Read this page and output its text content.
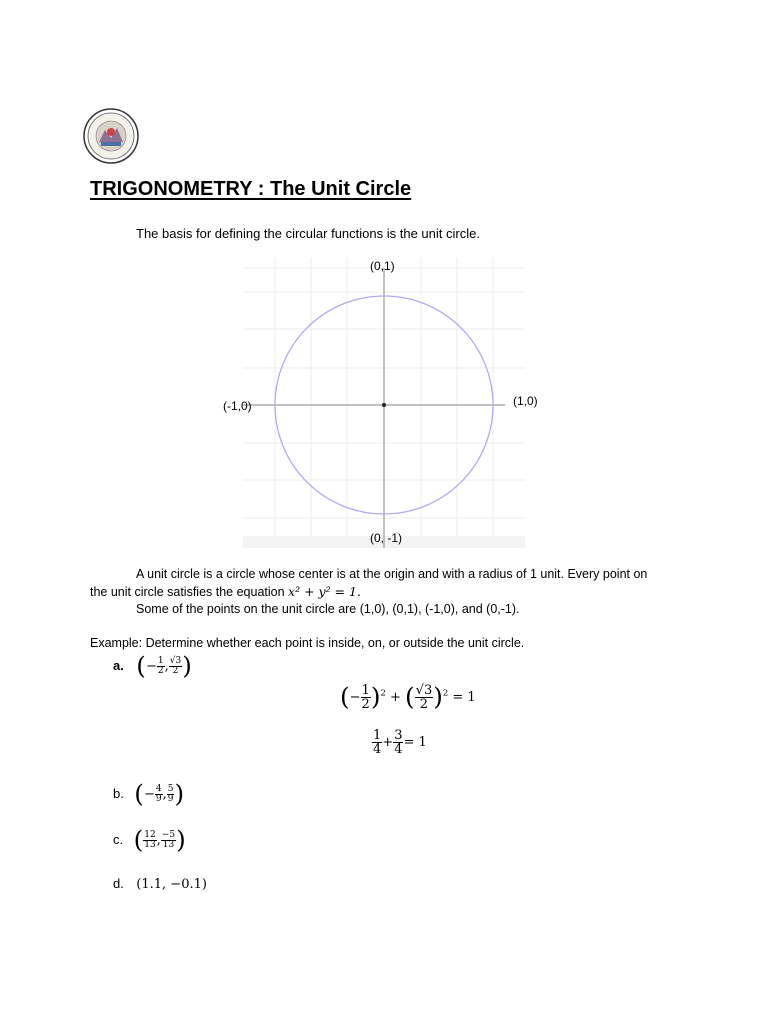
TRIGONOMETRY : The Unit Circle
The basis for defining the circular functions is the unit circle.
(0,1)
(1,0)
(-1,0)
(0, -1)
A unit circle is a circle whose center is at the origin and with a radius of 1 unit. Every point on
the unit circle satisfies the equation x² + y² = 1.
Some of the points on the unit circle are (1,0), (0,1), (-1,0), and (0,-1).
Example: Determine whether each point is inside, on, or outside the unit circle.
a. (− $\frac{1}{2}$ , $\frac{√3}{2}$ )
(− $\frac{1}{2} )^2$ + ( $\frac{√3}{2} )^2 = 1$
$\frac{1}{4} + \frac{3}{4} = 1$
b. (− $\frac{4}{9}$ , $\frac{5}{9}$ )
c. ( $\frac{12}{13}$ , $\frac{-5}{13}$ )
d. (1.1, −0.1)
